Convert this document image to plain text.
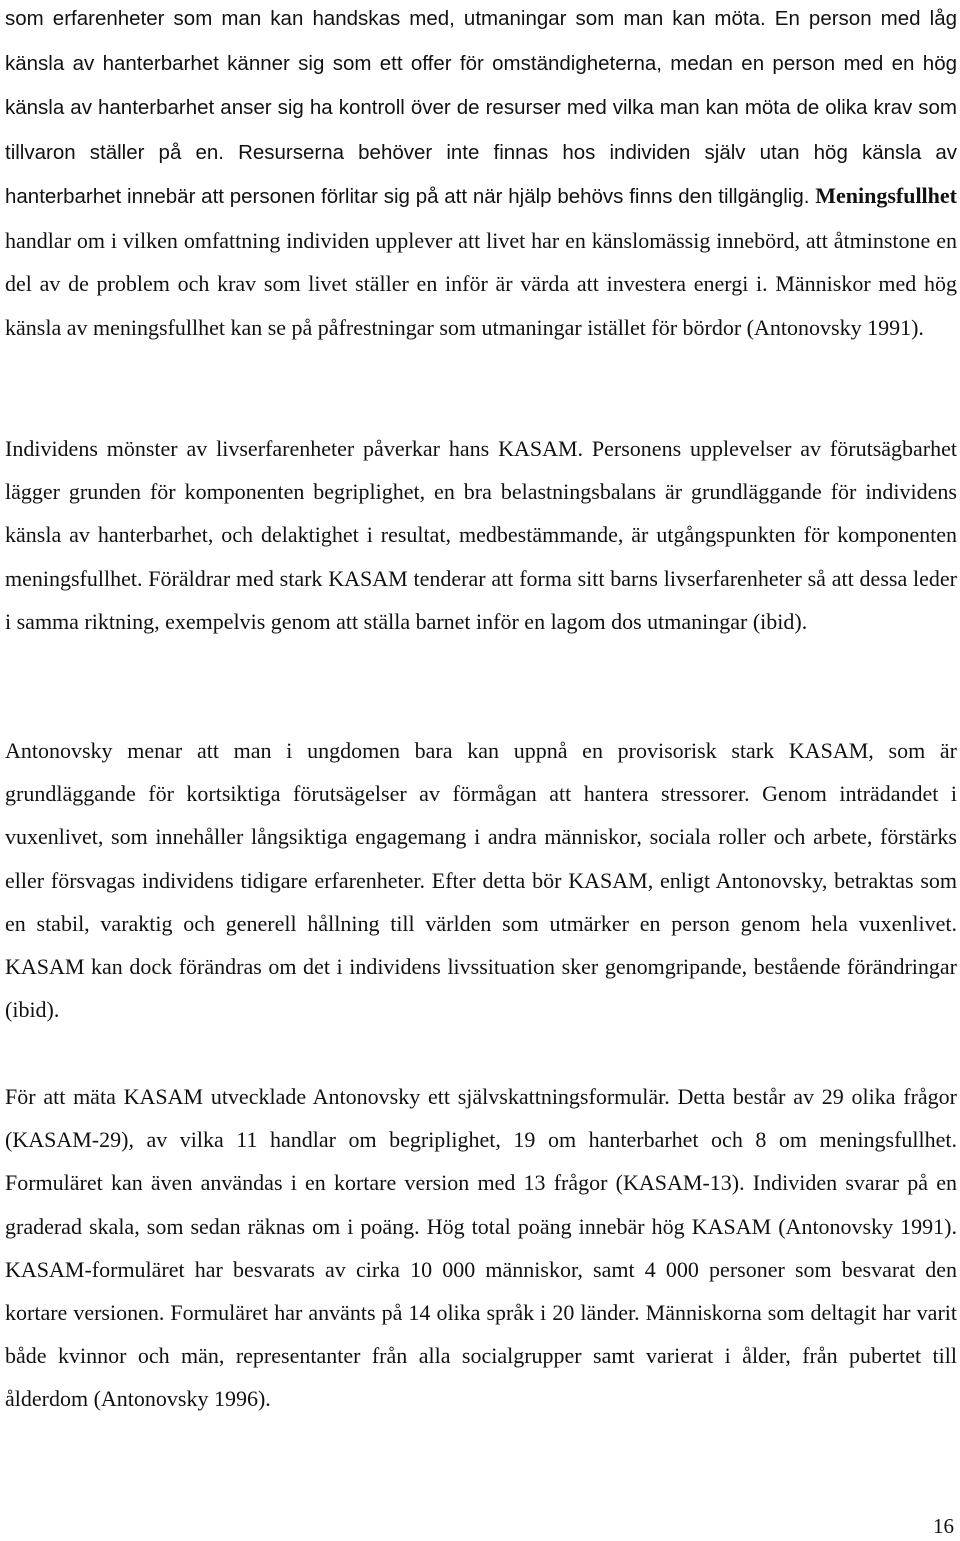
som erfarenheter som man kan handskas med, utmaningar som man kan möta. En person med låg känsla av hanterbarhet känner sig som ett offer för omständigheterna, medan en person med en hög känsla av hanterbarhet anser sig ha kontroll över de resurser med vilka man kan möta de olika krav som tillvaron ställer på en. Resurserna behöver inte finnas hos individen själv utan hög känsla av hanterbarhet innebär att personen förlitar sig på att när hjälp behövs finns den tillgänglig. Meningsfullhet handlar om i vilken omfattning individen upplever att livet har en känslomässig innebörd, att åtminstone en del av de problem och krav som livet ställer en inför är värda att investera energi i. Människor med hög känsla av meningsfullhet kan se på påfrestningar som utmaningar istället för bördor (Antonovsky 1991).

Individens mönster av livserfarenheter påverkar hans KASAM. Personens upplevelser av förutsägbarhet lägger grunden för komponenten begriplighet, en bra belastningsbalans är grundläggande för individens känsla av hanterbarhet, och delaktighet i resultat, medbestämmande, är utgångspunkten för komponenten meningsfullhet. Föräldrar med stark KASAM tenderar att forma sitt barns livserfarenheter så att dessa leder i samma riktning, exempelvis genom att ställa barnet inför en lagom dos utmaningar (ibid).

Antonovsky menar att man i ungdomen bara kan uppnå en provisorisk stark KASAM, som är grundläggande för kortsiktiga förutsägelser av förmågan att hantera stressorer. Genom inträdandet i vuxenlivet, som innehåller långsiktiga engagemang i andra människor, sociala roller och arbete, förstärks eller försvagas individens tidigare erfarenheter. Efter detta bör KASAM, enligt Antonovsky, betraktas som en stabil, varaktig och generell hållning till världen som utmärker en person genom hela vuxenlivet. KASAM kan dock förändras om det i individens livssituation sker genomgripande, bestående förändringar (ibid).

För att mäta KASAM utvecklade Antonovsky ett självskattningsformulär. Detta består av 29 olika frågor (KASAM-29), av vilka 11 handlar om begriplighet, 19 om hanterbarhet och 8 om meningsfullhet. Formuläret kan även användas i en kortare version med 13 frågor (KASAM-13). Individen svarar på en graderad skala, som sedan räknas om i poäng. Hög total poäng innebär hög KASAM (Antonovsky 1991). KASAM-formuläret har besvarats av cirka 10 000 människor, samt 4 000 personer som besvarat den kortare versionen. Formuläret har använts på 14 olika språk i 20 länder. Människorna som deltagit har varit både kvinnor och män, representanter från alla socialgrupper samt varierat i ålder, från pubertet till ålderdom (Antonovsky 1996).

16
